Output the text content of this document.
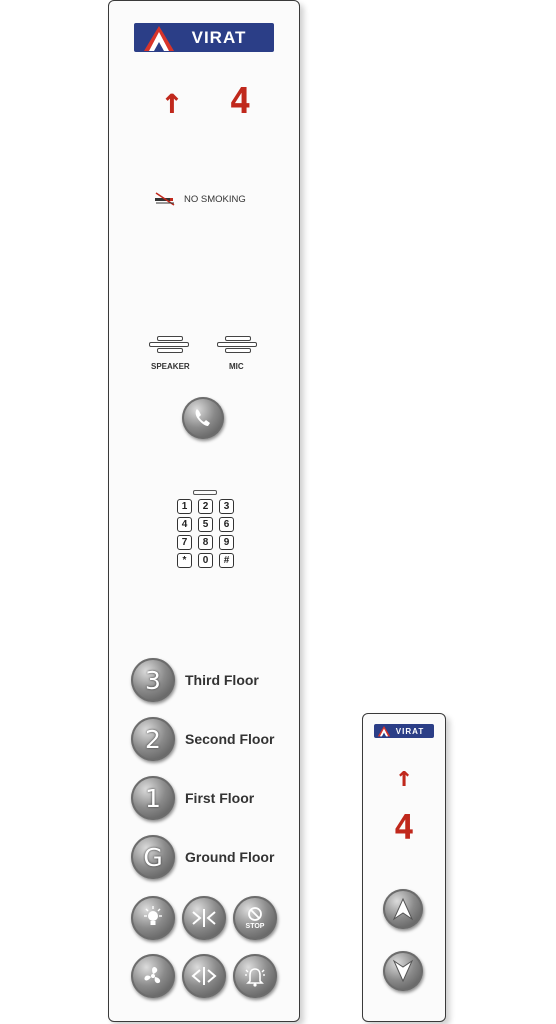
VIRAT
↑ 4
NO SMOKING
SPEAKER	MIC
1	2	3
4	5	6
7	8	9
*	0	#
3	Third Floor
2	Second Floor
1	First Floor
G	Ground Floor
STOP
VIRAT
↑
4
